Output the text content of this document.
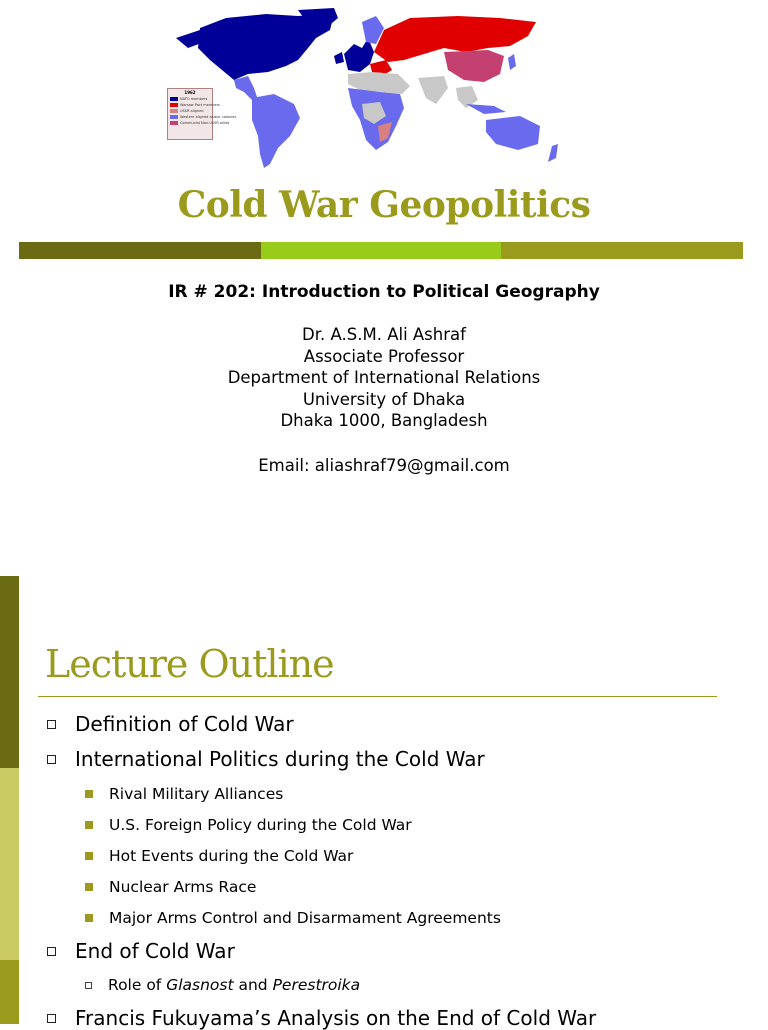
1962
NATO members
Warsaw Pact members
USSR aligned
Western aligned and/or colonies
Communist Non-USSR allied
Cold War Geopolitics
IR # 202: Introduction to Political Geography
Dr. A.S.M. Ali Ashraf
Associate Professor
Department of International Relations
University of Dhaka
Dhaka 1000, Bangladesh
Email: aliashraf79@gmail.com
Lecture Outline
Definition of Cold War
International Politics during the Cold War
Rival Military Alliances
U.S. Foreign Policy during the Cold War
Hot Events during the Cold War
Nuclear Arms Race
Major Arms Control and Disarmament Agreements
End of Cold War
Role of Glasnost and Perestroika
Francis Fukuyama’s Analysis on the End of Cold War
